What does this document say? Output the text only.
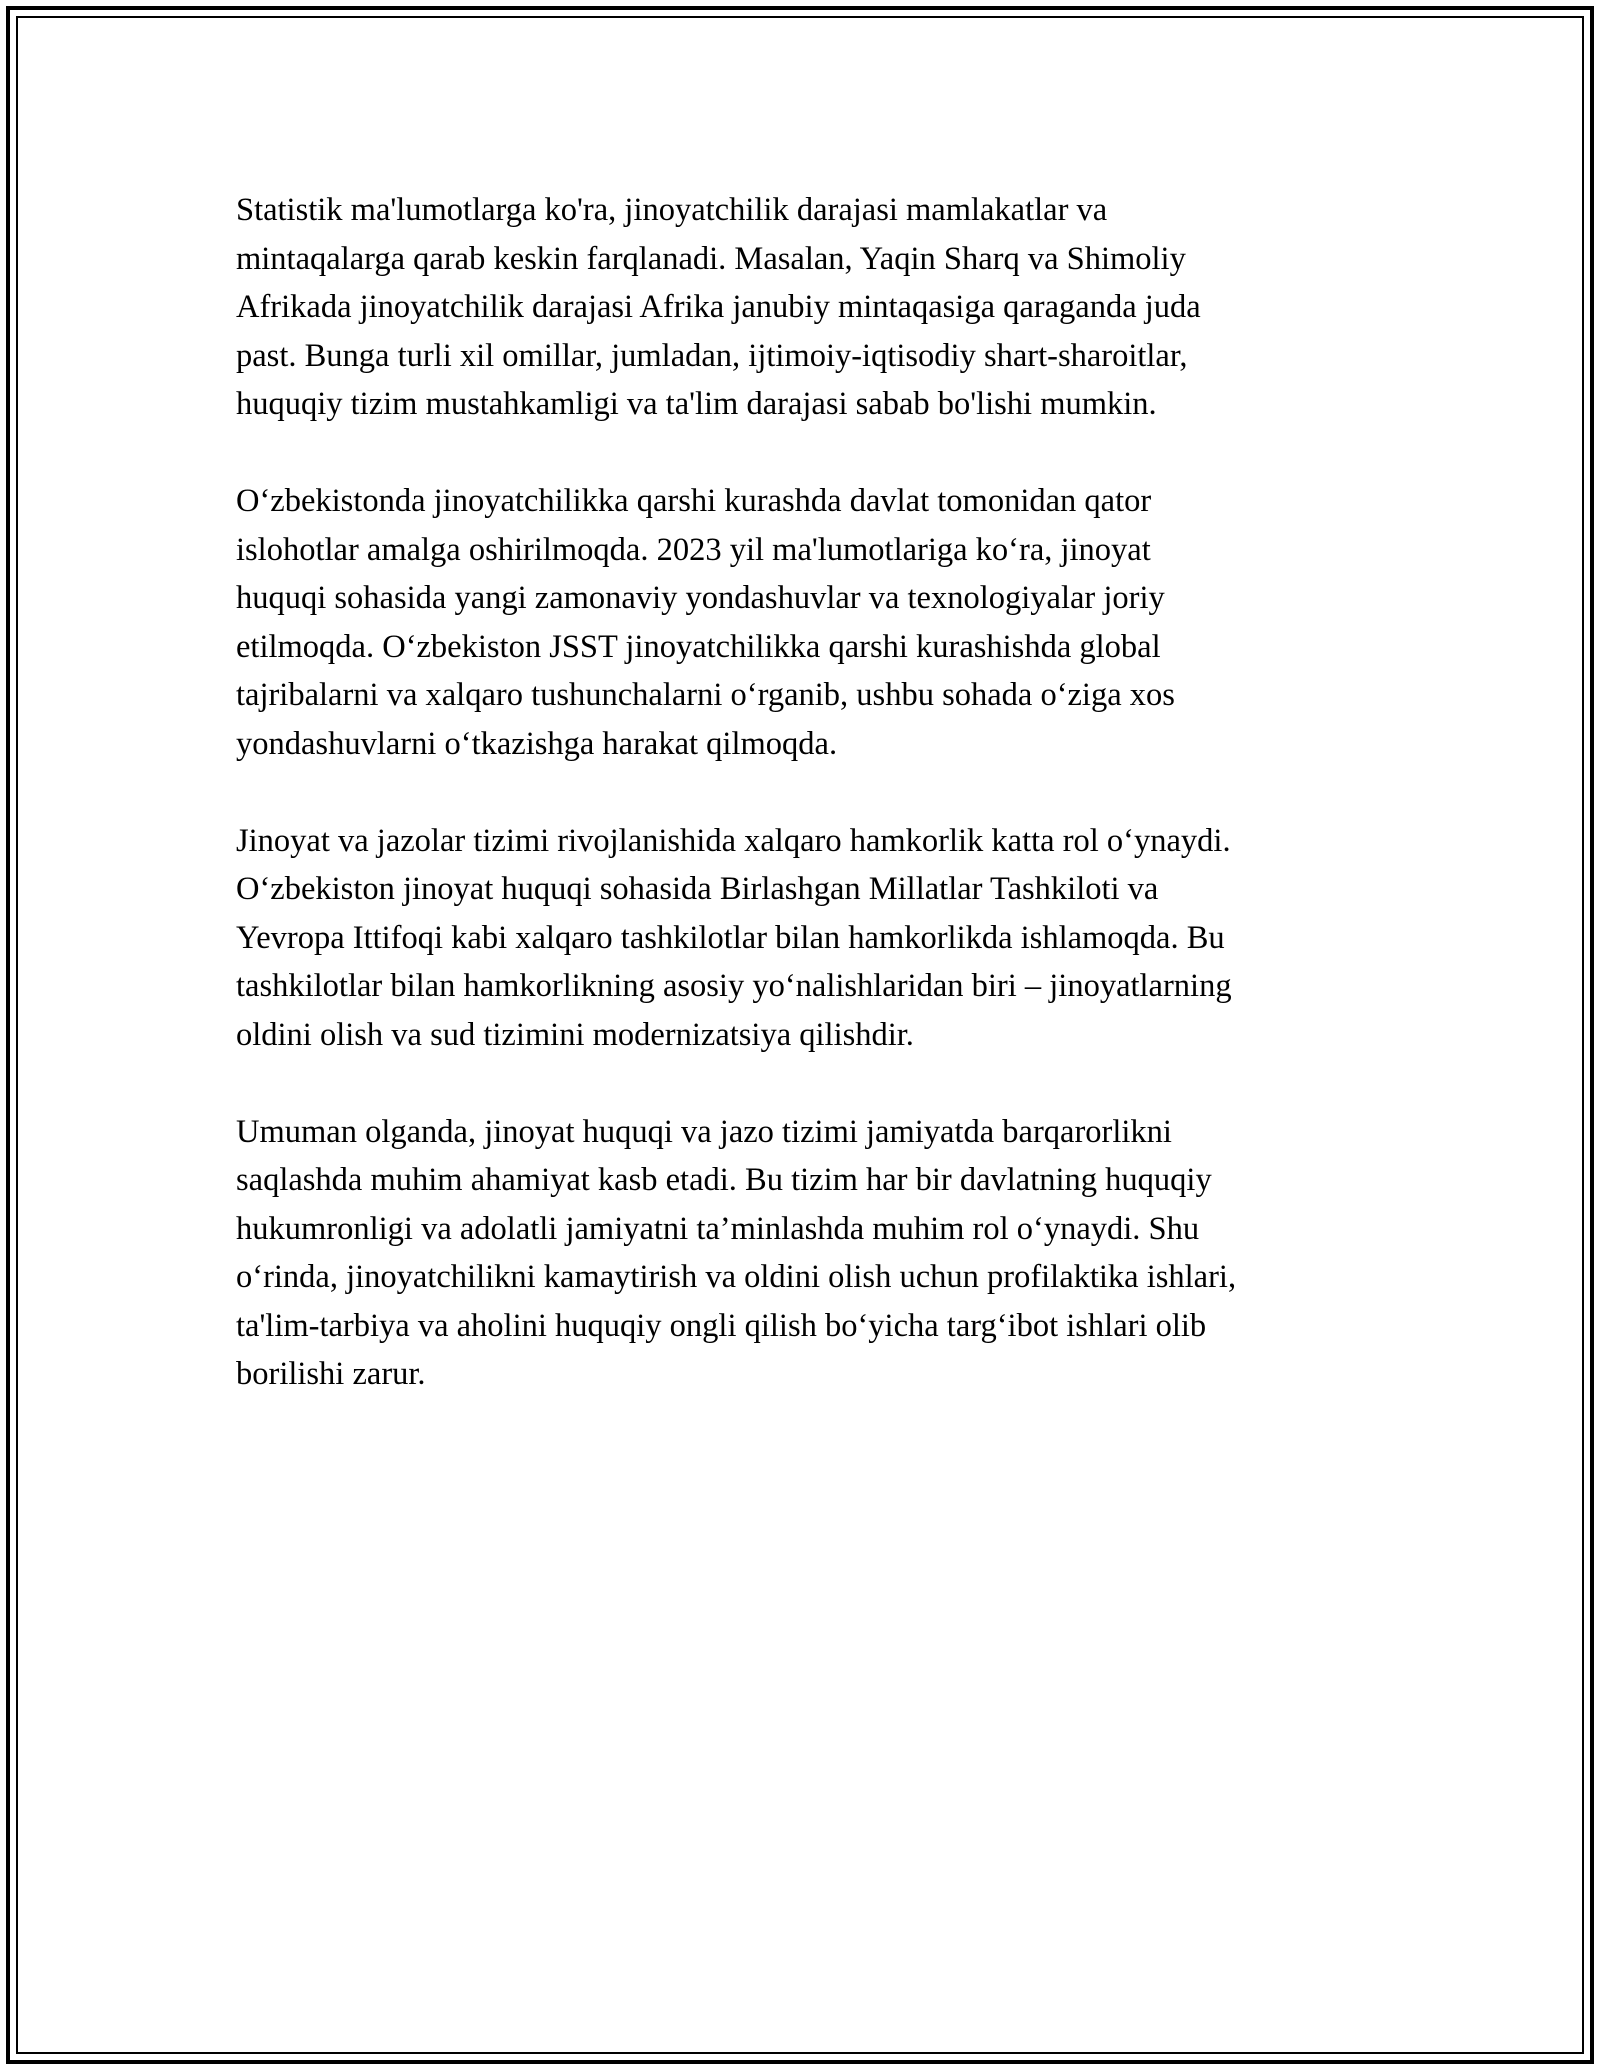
Statistik ma'lumotlarga ko'ra, jinoyatchilik darajasi mamlakatlar va
mintaqalarga qarab keskin farqlanadi. Masalan, Yaqin Sharq va Shimoliy
Afrikada jinoyatchilik darajasi Afrika janubiy mintaqasiga qaraganda juda
past. Bunga turli xil omillar, jumladan, ijtimoiy-iqtisodiy shart-sharoitlar,
huquqiy tizim mustahkamligi va ta'lim darajasi sabab bo'lishi mumkin.

O‘zbekistonda jinoyatchilikka qarshi kurashda davlat tomonidan qator
islohotlar amalga oshirilmoqda. 2023 yil ma'lumotlariga ko‘ra, jinoyat
huquqi sohasida yangi zamonaviy yondashuvlar va texnologiyalar joriy
etilmoqda. O‘zbekiston JSST jinoyatchilikka qarshi kurashishda global
tajribalarni va xalqaro tushunchalarni o‘rganib, ushbu sohada o‘ziga xos
yondashuvlarni o‘tkazishga harakat qilmoqda.

Jinoyat va jazolar tizimi rivojlanishida xalqaro hamkorlik katta rol o‘ynaydi.
O‘zbekiston jinoyat huquqi sohasida Birlashgan Millatlar Tashkiloti va
Yevropa Ittifoqi kabi xalqaro tashkilotlar bilan hamkorlikda ishlamoqda. Bu
tashkilotlar bilan hamkorlikning asosiy yo‘nalishlaridan biri – jinoyatlarning
oldini olish va sud tizimini modernizatsiya qilishdir.

Umuman olganda, jinoyat huquqi va jazo tizimi jamiyatda barqarorlikni
saqlashda muhim ahamiyat kasb etadi. Bu tizim har bir davlatning huquqiy
hukumronligi va adolatli jamiyatni ta’minlashda muhim rol o‘ynaydi. Shu
o‘rinda, jinoyatchilikni kamaytirish va oldini olish uchun profilaktika ishlari,
ta'lim-tarbiya va aholini huquqiy ongli qilish bo‘yicha targ‘ibot ishlari olib
borilishi zarur.
